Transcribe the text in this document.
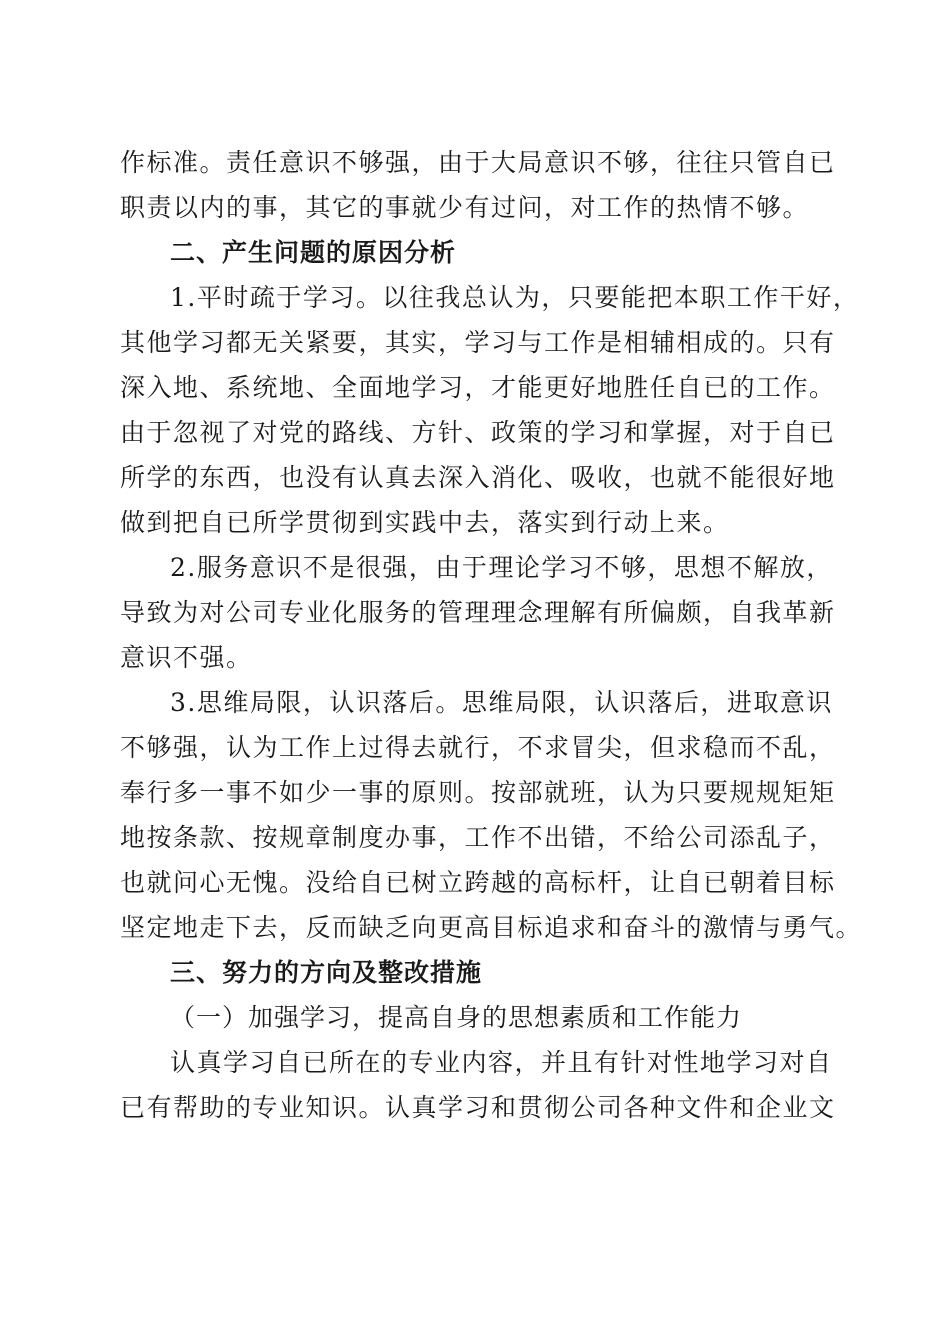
作标准。责任意识不够强，由于大局意识不够，往往只管自已
职责以内的事，其它的事就少有过问，对工作的热情不够。
二、产生问题的原因分析
1.平时疏于学习。以往我总认为，只要能把本职工作干好，
其他学习都无关紧要，其实，学习与工作是相辅相成的。只有
深入地、系统地、全面地学习，才能更好地胜任自已的工作。
由于忽视了对党的路线、方针、政策的学习和掌握，对于自已
所学的东西，也没有认真去深入消化、吸收，也就不能很好地
做到把自已所学贯彻到实践中去，落实到行动上来。
2.服务意识不是很强，由于理论学习不够，思想不解放，
导致为对公司专业化服务的管理理念理解有所偏颇，自我革新
意识不强。
3.思维局限，认识落后。思维局限，认识落后，进取意识
不够强，认为工作上过得去就行，不求冒尖，但求稳而不乱，
奉行多一事不如少一事的原则。按部就班，认为只要规规矩矩
地按条款、按规章制度办事，工作不出错，不给公司添乱子，
也就问心无愧。没给自已树立跨越的高标杆，让自已朝着目标
坚定地走下去，反而缺乏向更高目标追求和奋斗的激情与勇气。
三、努力的方向及整改措施
（一）加强学习，提高自身的思想素质和工作能力
认真学习自已所在的专业内容，并且有针对性地学习对自
已有帮助的专业知识。认真学习和贯彻公司各种文件和企业文
